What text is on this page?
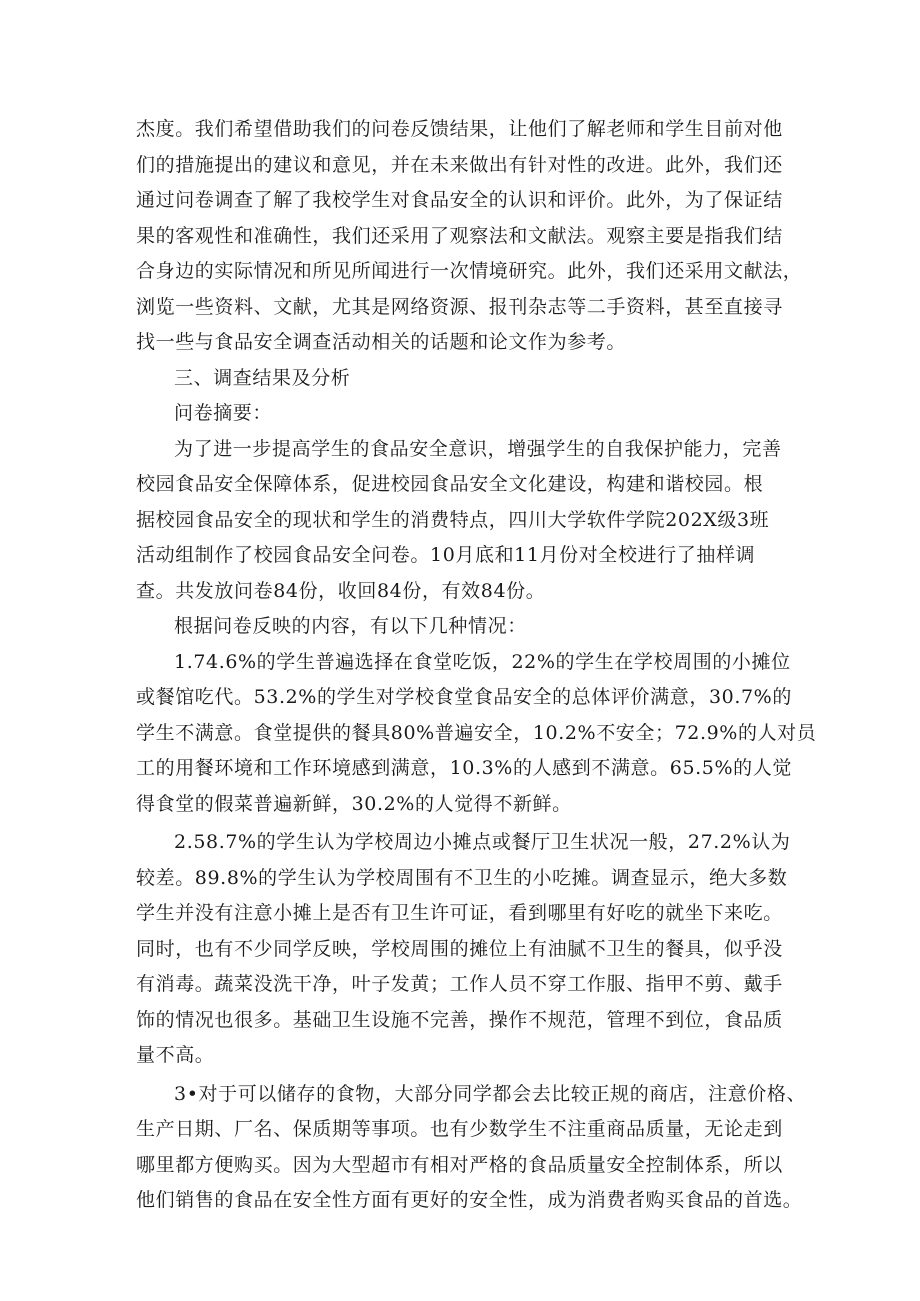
杰度。我们希望借助我们的问卷反馈结果，让他们了解老师和学生目前对他
们的措施提出的建议和意见，并在未来做出有针对性的改进。此外，我们还
通过问卷调查了解了我校学生对食品安全的认识和评价。此外，为了保证结
果的客观性和准确性，我们还采用了观察法和文献法。观察主要是指我们结
合身边的实际情况和所见所闻进行一次情境研究。此外，我们还采用文献法，
浏览一些资料、文献，尤其是网络资源、报刊杂志等二手资料，甚至直接寻
找一些与食品安全调查活动相关的话题和论文作为参考。
三、调查结果及分析
问卷摘要：
为了进一步提高学生的食品安全意识，增强学生的自我保护能力，完善
校园食品安全保障体系，促进校园食品安全文化建设，构建和谐校园。根
据校园食品安全的现状和学生的消费特点，四川大学软件学院202X级3班
活动组制作了校园食品安全问卷。10月底和11月份对全校进行了抽样调
查。共发放问卷84份，收回84份，有效84份。
根据问卷反映的内容，有以下几种情况：
1.74.6%的学生普遍选择在食堂吃饭，22%的学生在学校周围的小摊位
或餐馆吃代。53.2%的学生对学校食堂食品安全的总体评价满意，30.7%的
学生不满意。食堂提供的餐具80%普遍安全，10.2%不安全；72.9%的人对员
工的用餐环境和工作环境感到满意，10.3%的人感到不满意。65.5%的人觉
得食堂的假菜普遍新鲜，30.2%的人觉得不新鲜。
2.58.7%的学生认为学校周边小摊点或餐厅卫生状况一般，27.2%认为
较差。89.8%的学生认为学校周围有不卫生的小吃摊。调查显示，绝大多数
学生并没有注意小摊上是否有卫生许可证，看到哪里有好吃的就坐下来吃。
同时，也有不少同学反映，学校周围的摊位上有油腻不卫生的餐具，似乎没
有消毒。蔬菜没洗干净，叶子发黄；工作人员不穿工作服、指甲不剪、戴手
饰的情况也很多。基础卫生设施不完善，操作不规范，管理不到位，食品质
量不高。
3•对于可以储存的食物，大部分同学都会去比较正规的商店，注意价格、
生产日期、厂名、保质期等事项。也有少数学生不注重商品质量，无论走到
哪里都方便购买。因为大型超市有相对严格的食品质量安全控制体系，所以
他们销售的食品在安全性方面有更好的安全性，成为消费者购买食品的首选。
